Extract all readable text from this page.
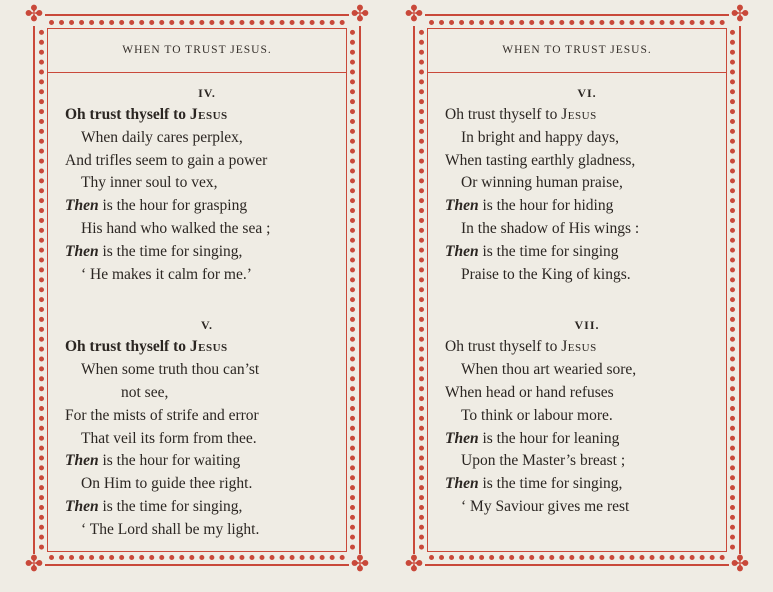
✤	✤
✤	✤
WHEN TO TRUST JESUS.
IV.
Oh trust thyself to Jesus
When daily cares perplex,
And trifles seem to gain a power
Thy inner soul to vex,
Then is the hour for grasping
His hand who walked the sea ;
Then is the time for singing,
‘ He makes it calm for me.’
V.
Oh trust thyself to Jesus
When some truth thou can’st
not see,
For the mists of strife and error
That veil its form from thee.
Then is the hour for waiting
On Him to guide thee right.
Then is the time for singing,
‘ The Lord shall be my light.
✤	✤
✤	✤
WHEN TO TRUST JESUS.
VI.
Oh trust thyself to Jesus
In bright and happy days,
When tasting earthly gladness,
Or winning human praise,
Then is the hour for hiding
In the shadow of His wings :
Then is the time for singing
Praise to the King of kings.
VII.
Oh trust thyself to Jesus
When thou art wearied sore,
When head or hand refuses
To think or labour more.
Then is the hour for leaning
Upon the Master’s breast ;
Then is the time for singing,
‘ My Saviour gives me rest
